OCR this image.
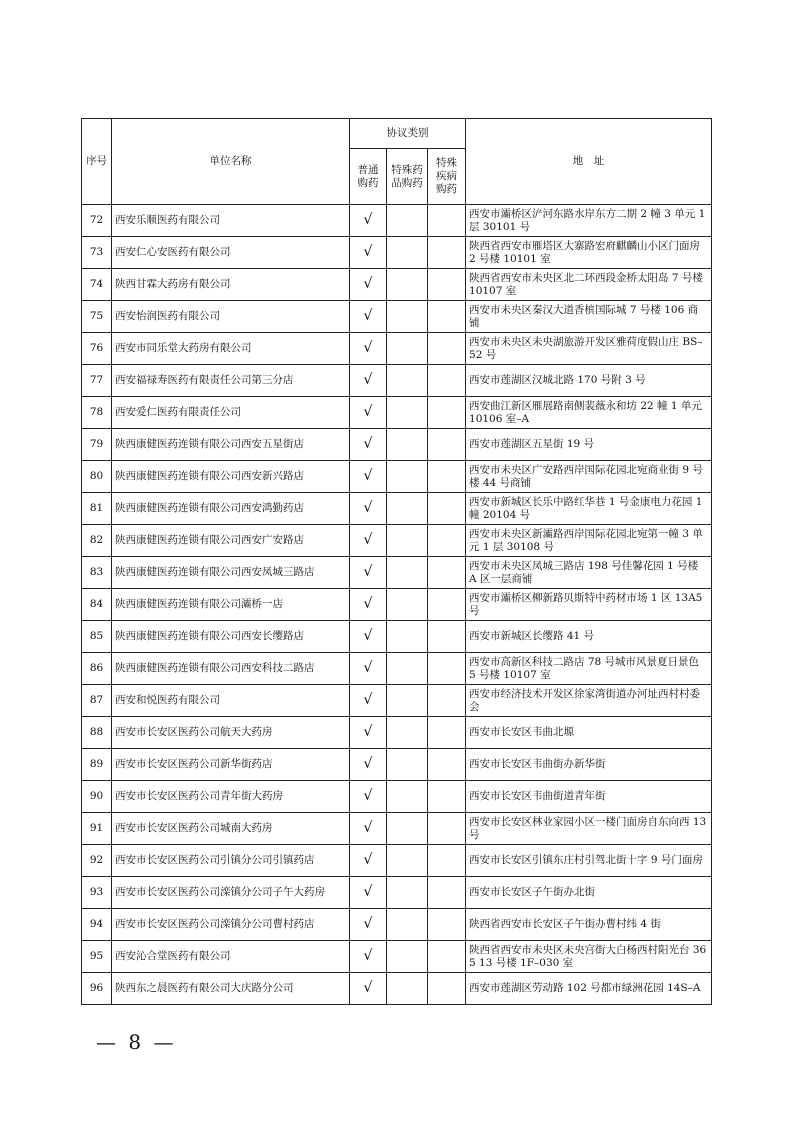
序号	单位名称	协议类别			地　址
		普通购药	特殊药品购药	特殊疾病购药	
72	西安乐顺医药有限公司	√			西安市灞桥区浐河东路水岸东方二期 2 幢 3 单元 1 层 30101 号
73	西安仁心安医药有限公司	√			陕西省西安市雁塔区大寨路宏府麒麟山小区门面房 2 号楼 10101 室
74	陕西甘霖大药房有限公司	√			陕西省西安市未央区北二环西段金桥太阳岛 7 号楼 10107 室
75	西安怡润医药有限公司	√			西安市未央区秦汉大道香槟国际城 7 号楼 106 商铺
76	西安市同乐堂大药房有限公司	√			西安市未央区未央湖旅游开发区雅荷度假山庄 BS–52 号
77	西安福禄寿医药有限责任公司第三分店	√			西安市莲湖区汉城北路 170 号附 3 号
78	西安爱仁医药有限责任公司	√			西安曲江新区雁展路南侧裴薇永和坊 22 幢 1 单元 10106 室–A
79	陕西康健医药连锁有限公司西安五星街店	√			西安市莲湖区五星街 19 号
80	陕西康健医药连锁有限公司西安新兴路店	√			西安市未央区广安路西岸国际花园北宛商业街 9 号楼 44 号商铺
81	陕西康健医药连锁有限公司西安鸿勤药店	√			西安市新城区长乐中路红华巷 1 号金康电力花园 1 幢 20104 号
82	陕西康健医药连锁有限公司西安广安路店	√			西安市未央区新灞路西岸国际花园北宛第一幢 3 单元 1 层 30108 号
83	陕西康健医药连锁有限公司西安凤城三路店	√			西安市未央区凤城三路店 198 号佳馨花园 1 号楼 A 区一层商铺
84	陕西康健医药连锁有限公司灞桥一店	√			西安市灞桥区柳新路贝斯特中药材市场 1 区 13A5 号
85	陕西康健医药连锁有限公司西安长缨路店	√			西安市新城区长缨路 41 号
86	陕西康健医药连锁有限公司西安科技二路店	√			西安市高新区科技二路店 78 号城市风景夏日景色 5 号楼 10107 室
87	西安和悦医药有限公司	√			西安市经济技术开发区徐家湾街道办河址西村村委会
88	西安市长安区医药公司航天大药房	√			西安市长安区韦曲北塬
89	西安市长安区医药公司新华街药店	√			西安市长安区韦曲街办新华街
90	西安市长安区医药公司青年街大药房	√			西安市长安区韦曲街道青年街
91	西安市长安区医药公司城南大药房	√			西安市长安区林业家园小区一楼门面房自东向西 13 号
92	西安市长安区医药公司引镇分公司引镇药店	√			西安市长安区引镇东庄村引驾北街十字 9 号门面房
93	西安市长安区医药公司滦镇分公司子午大药房	√			西安市长安区子午街办北街
94	西安市长安区医药公司滦镇分公司曹村药店	√			陕西省西安市长安区子午街办曹村纬 4 街
95	西安沁合堂医药有限公司	√			陕西省西安市未央区未央宫街大白杨西村阳光台 365 13 号楼 1F–030 室
96	陕西东之晨医药有限公司大庆路分公司	√			西安市莲湖区劳动路 102 号都市绿洲花园 14S–A
— 8 —
